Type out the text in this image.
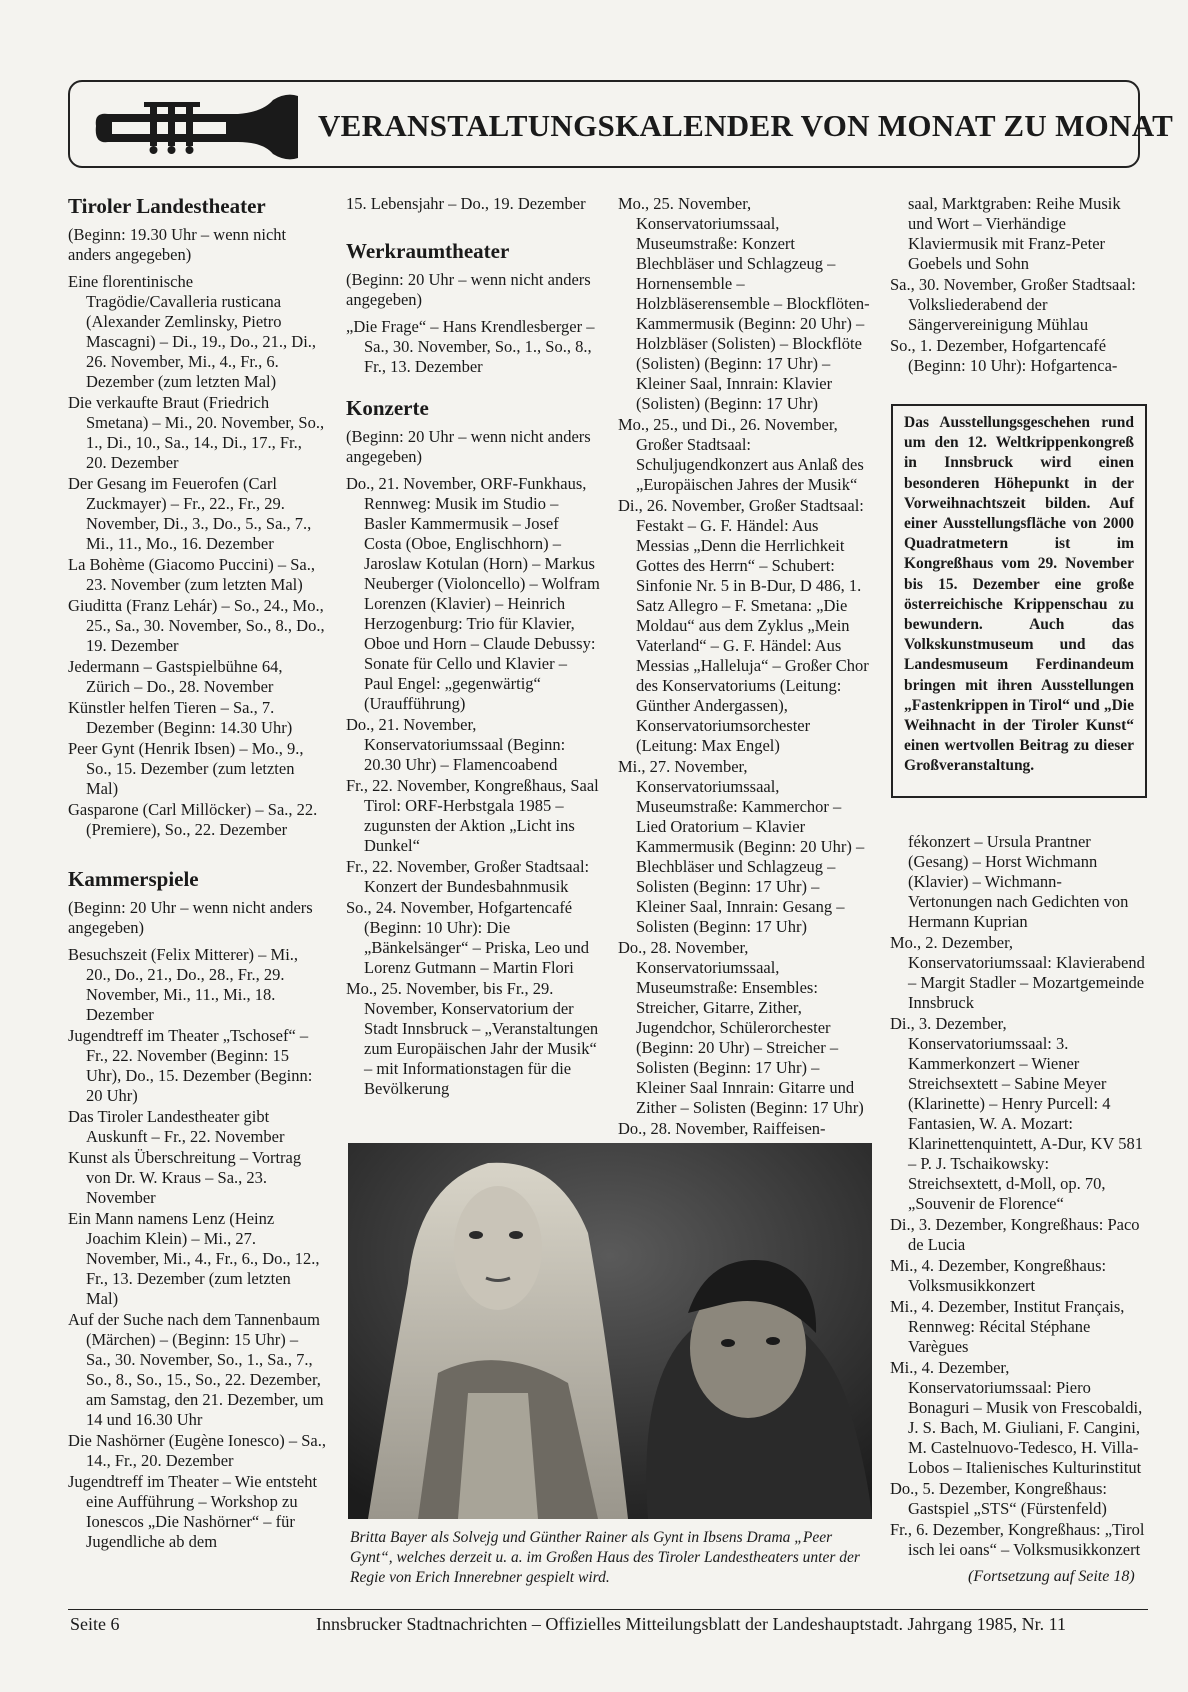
VERANSTALTUNGSKALENDER VON MONAT ZU MONAT
Tiroler Landestheater

(Beginn: 19.30 Uhr – wenn nicht anders angegeben)

Eine florentinische Tragödie/Cavalleria rusticana (Alexander Zemlinsky, Pietro Mascagni) – Di., 19., Do., 21., Di., 26. November, Mi., 4., Fr., 6. Dezember (zum letzten Mal)

Die verkaufte Braut (Friedrich Smetana) – Mi., 20. November, So., 1., Di., 10., Sa., 14., Di., 17., Fr., 20. Dezember

Der Gesang im Feuerofen (Carl Zuckmayer) – Fr., 22., Fr., 29. November, Di., 3., Do., 5., Sa., 7., Mi., 11., Mo., 16. Dezember

La Bohème (Giacomo Puccini) – Sa., 23. November (zum letzten Mal)

Giuditta (Franz Lehár) – So., 24., Mo., 25., Sa., 30. November, So., 8., Do., 19. Dezember

Jedermann – Gastspielbühne 64, Zürich – Do., 28. November

Künstler helfen Tieren – Sa., 7. Dezember (Beginn: 14.30 Uhr)

Peer Gynt (Henrik Ibsen) – Mo., 9., So., 15. Dezember (zum letzten Mal)

Gasparone (Carl Millöcker) – Sa., 22. (Premiere), So., 22. Dezember

Kammerspiele

(Beginn: 20 Uhr – wenn nicht anders angegeben)

Besuchszeit (Felix Mitterer) – Mi., 20., Do., 21., Do., 28., Fr., 29. November, Mi., 11., Mi., 18. Dezember

Jugendtreff im Theater „Tschosef“ – Fr., 22. November (Beginn: 15 Uhr), Do., 15. Dezember (Beginn: 20 Uhr)

Das Tiroler Landestheater gibt Auskunft – Fr., 22. November

Kunst als Überschreitung – Vortrag von Dr. W. Kraus – Sa., 23. November

Ein Mann namens Lenz (Heinz Joachim Klein) – Mi., 27. November, Mi., 4., Fr., 6., Do., 12., Fr., 13. Dezember (zum letzten Mal)

Auf der Suche nach dem Tannenbaum (Märchen) – (Beginn: 15 Uhr) – Sa., 30. November, So., 1., Sa., 7., So., 8., So., 15., So., 22. Dezember, am Samstag, den 21. Dezember, um 14 und 16.30 Uhr

Die Nashörner (Eugène Ionesco) – Sa., 14., Fr., 20. Dezember

Jugendtreff im Theater – Wie entsteht eine Aufführung – Workshop zu Ionescos „Die Nashörner“ – für Jugendliche ab dem

15. Lebensjahr – Do., 19. Dezember

Werkraumtheater

(Beginn: 20 Uhr – wenn nicht anders angegeben)

„Die Frage“ – Hans Krendlesberger – Sa., 30. November, So., 1., So., 8., Fr., 13. Dezember

Konzerte

(Beginn: 20 Uhr – wenn nicht anders angegeben)

Do., 21. November, ORF-Funkhaus, Rennweg: Musik im Studio – Basler Kammermusik – Josef Costa (Oboe, Englischhorn) – Jaroslaw Kotulan (Horn) – Markus Neuberger (Violoncello) – Wolfram Lorenzen (Klavier) – Heinrich Herzogenburg: Trio für Klavier, Oboe und Horn – Claude Debussy: Sonate für Cello und Klavier – Paul Engel: „gegenwärtig“ (Uraufführung)

Do., 21. November, Konservatoriumssaal (Beginn: 20.30 Uhr) – Flamencoabend

Fr., 22. November, Kongreßhaus, Saal Tirol: ORF-Herbstgala 1985 – zugunsten der Aktion „Licht ins Dunkel“

Fr., 22. November, Großer Stadtsaal: Konzert der Bundesbahnmusik

So., 24. November, Hofgartencafé (Beginn: 10 Uhr): Die „Bänkelsänger“ – Priska, Leo und Lorenz Gutmann – Martin Flori

Mo., 25. November, bis Fr., 29. November, Konservatorium der Stadt Innsbruck – „Veranstaltungen zum Europäischen Jahr der Musik“ – mit Informationstagen für die Bevölkerung

Mo., 25. November, Konservatoriumssaal, Museumstraße: Konzert Blechbläser und Schlagzeug – Hornensemble – Holzbläserensemble – Blockflöten-Kammermusik (Beginn: 20 Uhr) – Holzbläser (Solisten) – Blockflöte (Solisten) (Beginn: 17 Uhr) – Kleiner Saal, Innrain: Klavier (Solisten) (Beginn: 17 Uhr)

Mo., 25., und Di., 26. November, Großer Stadtsaal: Schuljugendkonzert aus Anlaß des „Europäischen Jahres der Musik“

Di., 26. November, Großer Stadtsaal: Festakt – G. F. Händel: Aus Messias „Denn die Herrlichkeit Gottes des Herrn“ – Schubert: Sinfonie Nr. 5 in B-Dur, D 486, 1. Satz Allegro – F. Smetana: „Die Moldau“ aus dem Zyklus „Mein Vaterland“ – G. F. Händel: Aus Messias „Halleluja“ – Großer Chor des Konservatoriums (Leitung: Günther Andergassen), Konservatoriumsorchester (Leitung: Max Engel)

Mi., 27. November, Konservatoriumssaal, Museumstraße: Kammerchor – Lied Oratorium – Klavier Kammermusik (Beginn: 20 Uhr) – Blechbläser und Schlagzeug – Solisten (Beginn: 17 Uhr) – Kleiner Saal, Innrain: Gesang – Solisten (Beginn: 17 Uhr)

Do., 28. November, Konservatoriumssaal, Museumstraße: Ensembles: Streicher, Gitarre, Zither, Jugendchor, Schülerorchester (Beginn: 20 Uhr) – Streicher – Solisten (Beginn: 17 Uhr) – Kleiner Saal Innrain: Gitarre und Zither – Solisten (Beginn: 17 Uhr)

Do., 28. November, Raiffeisen-

saal, Marktgraben: Reihe Musik und Wort – Vierhändige Klaviermusik mit Franz-Peter Goebels und Sohn

Sa., 30. November, Großer Stadtsaal: Volksliederabend der Sängervereinigung Mühlau

So., 1. Dezember, Hofgartencafé (Beginn: 10 Uhr): Hofgartenca-

Das Ausstellungsgeschehen rund um den 12. Weltkrippenkongreß in Innsbruck wird einen besonderen Höhepunkt in der Vorweihnachtszeit bilden. Auf einer Ausstellungsfläche von 2000 Quadratmetern ist im Kongreßhaus vom 29. November bis 15. Dezember eine große österreichische Krippenschau zu bewundern. Auch das Volkskunstmuseum und das Landesmuseum Ferdinandeum bringen mit ihren Ausstellungen „Fastenkrippen in Tirol“ und „Die Weihnacht in der Tiroler Kunst“ einen wertvollen Beitrag zu dieser Großveranstaltung.

fékonzert – Ursula Prantner (Gesang) – Horst Wichmann (Klavier) – Wichmann-Vertonungen nach Gedichten von Hermann Kuprian

Mo., 2. Dezember, Konservatoriumssaal: Klavierabend – Margit Stadler – Mozartgemeinde Innsbruck

Di., 3. Dezember, Konservatoriumssaal: 3. Kammerkonzert – Wiener Streichsextett – Sabine Meyer (Klarinette) – Henry Purcell: 4 Fantasien, W. A. Mozart: Klarinettenquintett, A-Dur, KV 581 – P. J. Tschaikowsky: Streichsextett, d-Moll, op. 70, „Souvenir de Florence“

Di., 3. Dezember, Kongreßhaus: Paco de Lucia

Mi., 4. Dezember, Kongreßhaus: Volksmusikkonzert

Mi., 4. Dezember, Institut Français, Rennweg: Récital Stéphane Varègues

Mi., 4. Dezember, Konservatoriumssaal: Piero Bonaguri – Musik von Frescobaldi, J. S. Bach, M. Giuliani, F. Cangini, M. Castelnuovo-Tedesco, H. Villa-Lobos – Italienisches Kulturinstitut

Do., 5. Dezember, Kongreßhaus: Gastspiel „STS“ (Fürstenfeld)

Fr., 6. Dezember, Kongreßhaus: „Tirol isch lei oans“ – Volksmusikkonzert

(Fortsetzung auf Seite 18)
Britta Bayer als Solvejg und Günther Rainer als Gynt in Ibsens Drama „Peer Gynt“, welches derzeit u. a. im Großen Haus des Tiroler Landestheaters unter der Regie von Erich Innerebner gespielt wird.
Seite 6	Innsbrucker Stadtnachrichten – Offizielles Mitteilungsblatt der Landeshauptstadt. Jahrgang 1985, Nr. 11
